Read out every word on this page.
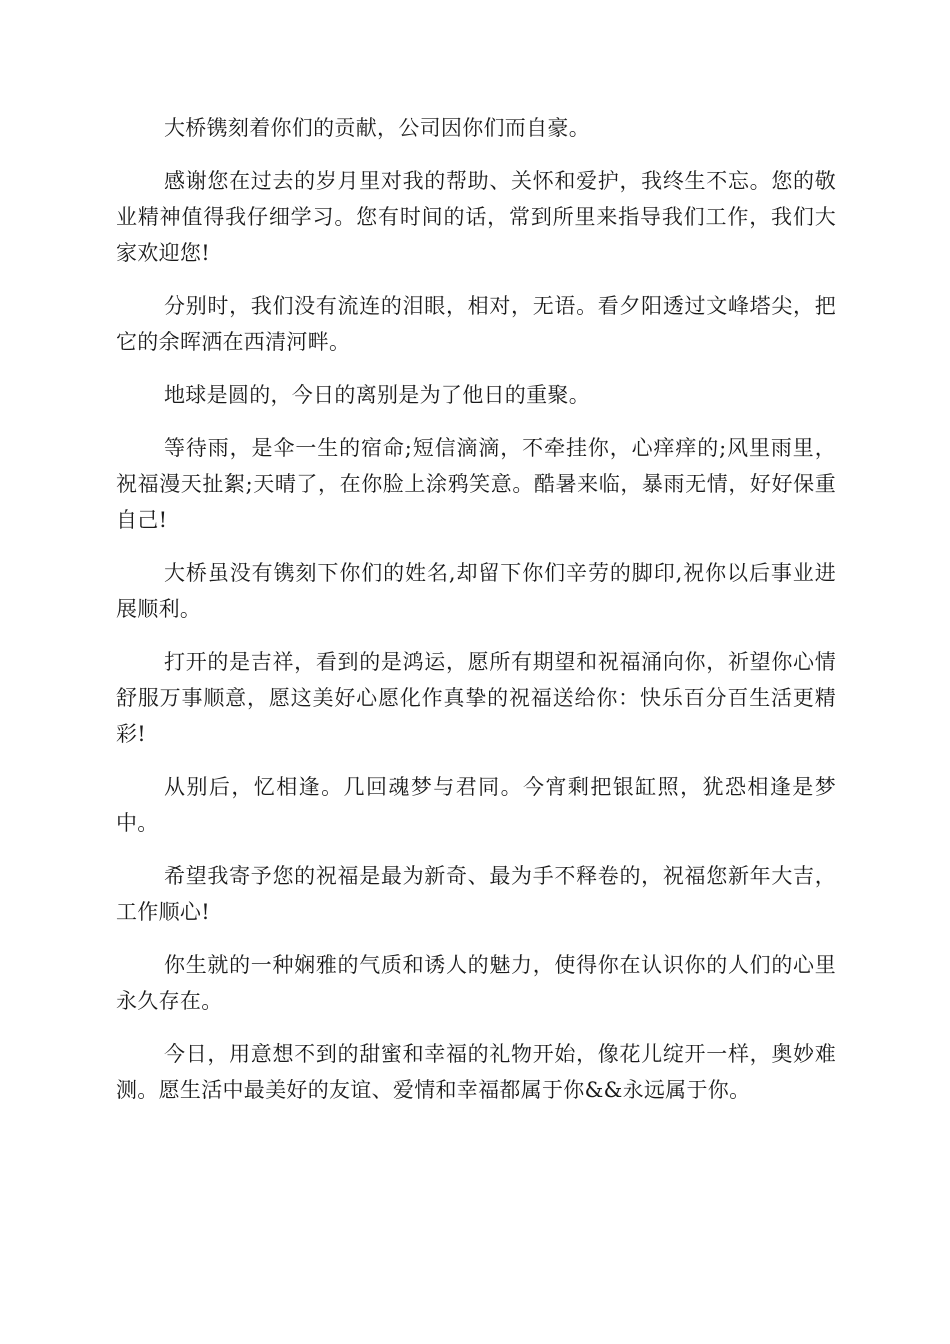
大桥镌刻着你们的贡献，公司因你们而自豪。

感谢您在过去的岁月里对我的帮助、关怀和爱护，我终生不忘。您的敬业精神值得我仔细学习。您有时间的话，常到所里来指导我们工作，我们大家欢迎您!

分别时，我们没有流连的泪眼，相对，无语。看夕阳透过文峰塔尖，把它的余晖洒在西清河畔。

地球是圆的，今日的离别是为了他日的重聚。

等待雨，是伞一生的宿命;短信滴滴，不牵挂你，心痒痒的;风里雨里，祝福漫天扯絮;天晴了，在你脸上涂鸦笑意。酷暑来临，暴雨无情，好好保重自己!

大桥虽没有镌刻下你们的姓名,却留下你们辛劳的脚印,祝你以后事业进展顺利。

打开的是吉祥，看到的是鸿运，愿所有期望和祝福涌向你，祈望你心情舒服万事顺意，愿这美好心愿化作真挚的祝福送给你：快乐百分百生活更精彩!

从别后，忆相逢。几回魂梦与君同。今宵剩把银缸照，犹恐相逢是梦中。

希望我寄予您的祝福是最为新奇、最为手不释卷的，祝福您新年大吉，工作顺心!

你生就的一种娴雅的气质和诱人的魅力，使得你在认识你的人们的心里永久存在。

今日，用意想不到的甜蜜和幸福的礼物开始，像花儿绽开一样，奥妙难测。愿生活中最美好的友谊、爱情和幸福都属于你&&永远属于你。
